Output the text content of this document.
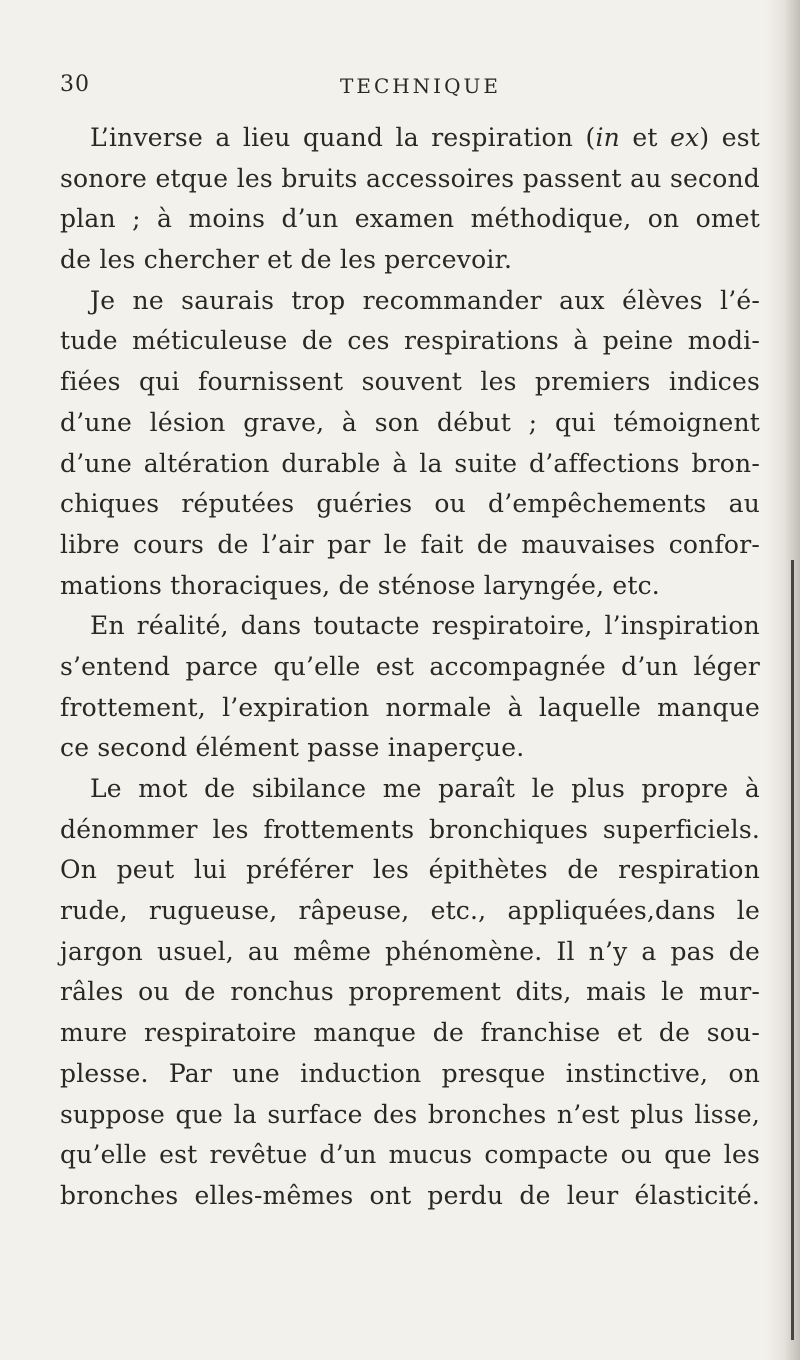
30	TECHNIQUE
L’inverse a lieu quand la respiration (in et ex) est
sonore etque les bruits accessoires passent au second
plan ; à moins d’un examen méthodique, on omet
de les chercher et de les percevoir.
Je ne saurais trop recommander aux élèves l’é-
tude méticuleuse de ces respirations à peine modi-
fiées qui fournissent souvent les premiers indices
d’une lésion grave, à son début ; qui témoignent
d’une altération durable à la suite d’affections bron-
chiques réputées guéries ou d’empêchements au
libre cours de l’air par le fait de mauvaises confor-
mations thoraciques, de sténose laryngée, etc.
En réalité, dans toutacte respiratoire, l’inspiration
s’entend parce qu’elle est accompagnée d’un léger
frottement, l’expiration normale à laquelle manque
ce second élément passe inaperçue.
Le mot de sibilance me paraît le plus propre à
dénommer les frottements bronchiques superficiels.
On peut lui préférer les épithètes de respiration
rude, rugueuse, râpeuse, etc., appliquées,dans le
jargon usuel, au même phénomène. Il n’y a pas de
râles ou de ronchus proprement dits, mais le mur-
mure respiratoire manque de franchise et de sou-
plesse. Par une induction presque instinctive, on
suppose que la surface des bronches n’est plus lisse,
qu’elle est revêtue d’un mucus compacte ou que les
bronches elles-mêmes ont perdu de leur élasticité.
